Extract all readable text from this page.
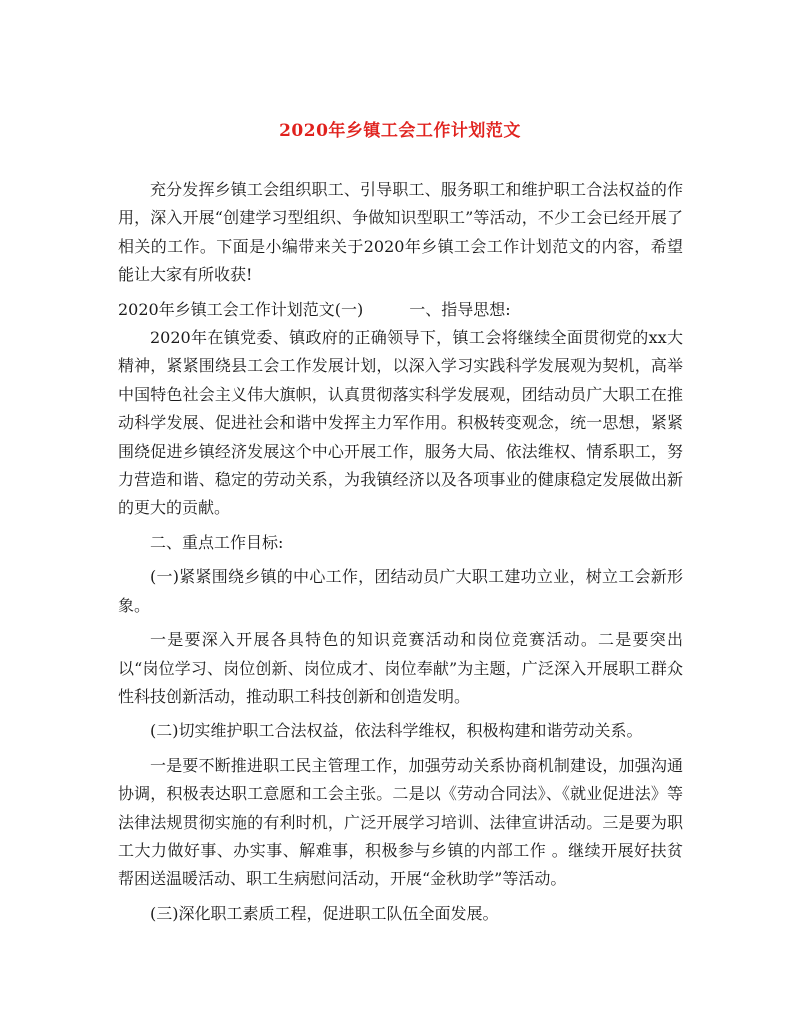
2020年乡镇工会工作计划范文

充分发挥乡镇工会组织职工、引导职工、服务职工和维护职工合法权益的作用，深入开展“创建学习型组织、争做知识型职工”等活动，不少工会已经开展了相关的工作。下面是小编带来关于2020年乡镇工会工作计划范文的内容，希望能让大家有所收获!

2020年乡镇工会工作计划范文(一)	一、指导思想:

2020年在镇党委、镇政府的正确领导下，镇工会将继续全面贯彻党的xx大精神，紧紧围绕县工会工作发展计划，以深入学习实践科学发展观为契机，高举中国特色社会主义伟大旗帜，认真贯彻落实科学发展观，团结动员广大职工在推动科学发展、促进社会和谐中发挥主力军作用。积极转变观念，统一思想，紧紧围绕促进乡镇经济发展这个中心开展工作，服务大局、依法维权、情系职工，努力营造和谐、稳定的劳动关系，为我镇经济以及各项事业的健康稳定发展做出新的更大的贡献。

二、重点工作目标:

(一)紧紧围绕乡镇的中心工作，团结动员广大职工建功立业，树立工会新形象。

一是要深入开展各具特色的知识竞赛活动和岗位竞赛活动。二是要突出以“岗位学习、岗位创新、岗位成才、岗位奉献”为主题，广泛深入开展职工群众性科技创新活动，推动职工科技创新和创造发明。

(二)切实维护职工合法权益，依法科学维权，积极构建和谐劳动关系。

一是要不断推进职工民主管理工作，加强劳动关系协商机制建设，加强沟通协调，积极表达职工意愿和工会主张。二是以《劳动合同法》、《就业促进法》等法律法规贯彻实施的有利时机，广泛开展学习培训、法律宣讲活动。三是要为职工大力做好事、办实事、解难事，积极参与乡镇的内部工作 。继续开展好扶贫帮困送温暖活动、职工生病慰问活动，开展“金秋助学”等活动。

(三)深化职工素质工程，促进职工队伍全面发展。
